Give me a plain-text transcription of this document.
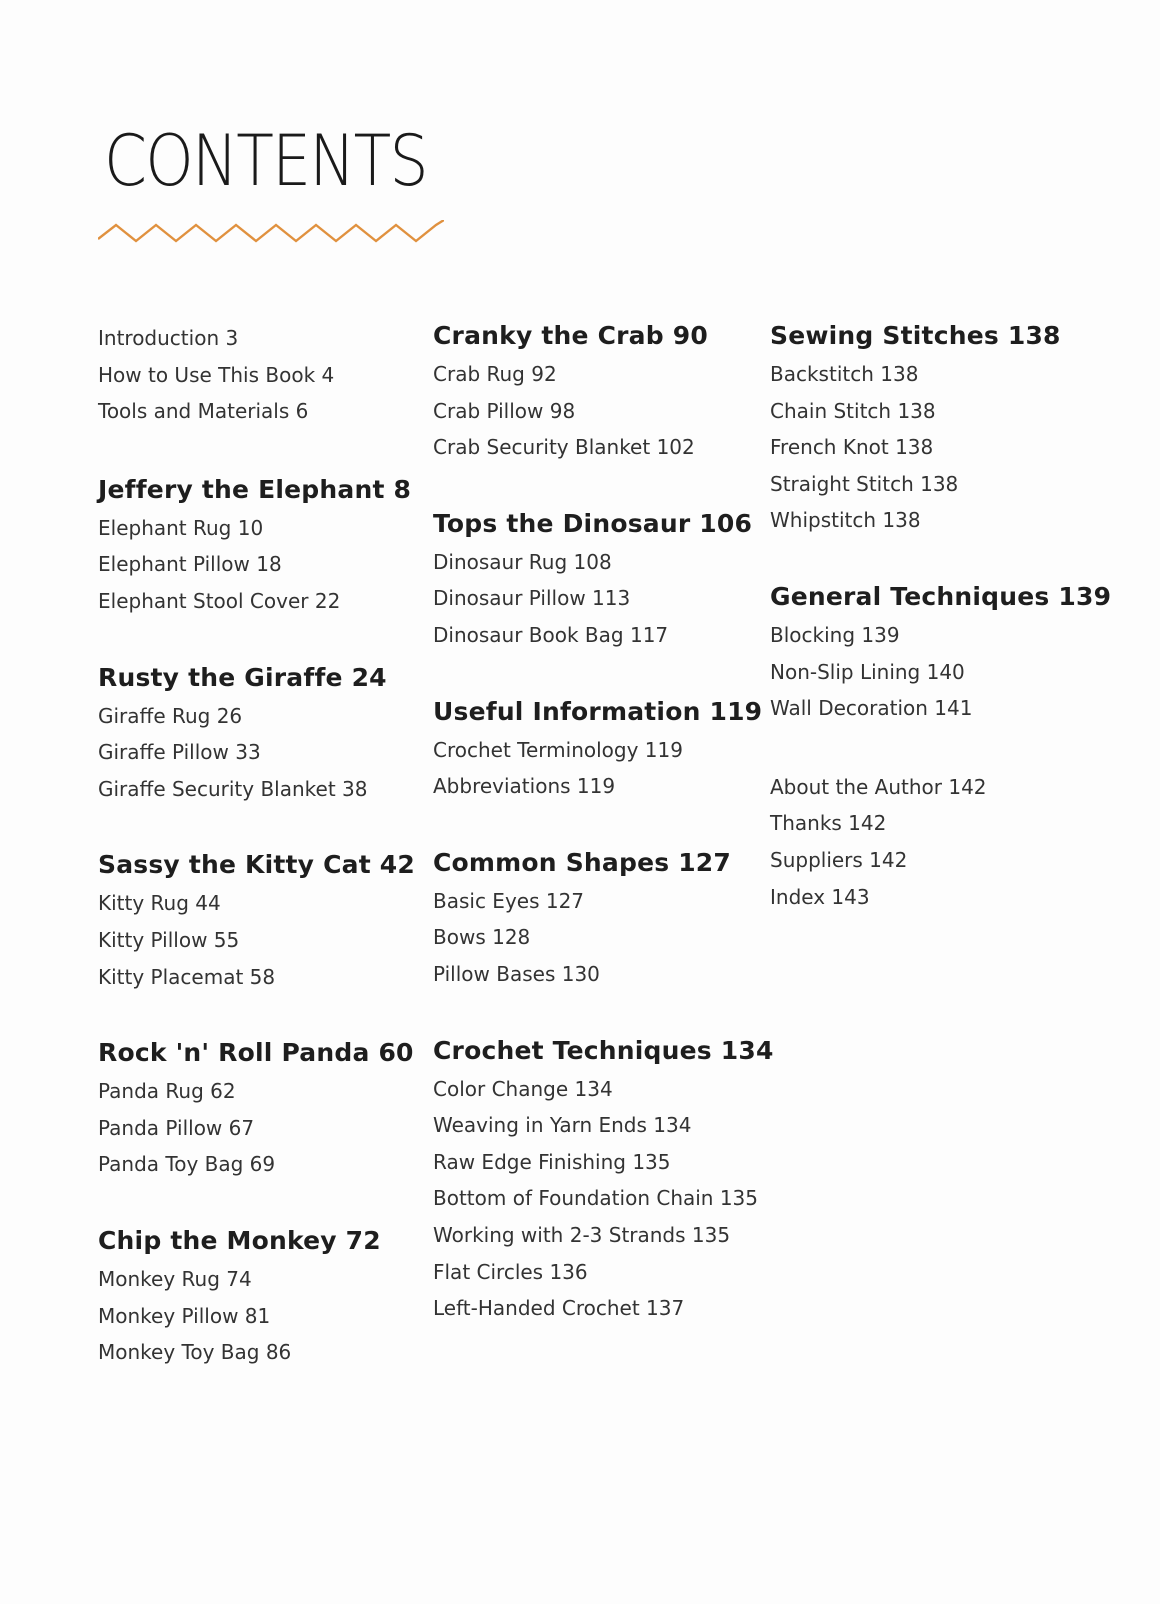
CONTENTS
Introduction 3
How to Use This Book 4
Tools and Materials 6
Jeffery the Elephant 8
Elephant Rug 10
Elephant Pillow 18
Elephant Stool Cover 22
Rusty the Giraffe 24
Giraffe Rug 26
Giraffe Pillow 33
Giraffe Security Blanket 38
Sassy the Kitty Cat 42
Kitty Rug 44
Kitty Pillow 55
Kitty Placemat 58
Rock 'n' Roll Panda 60
Panda Rug 62
Panda Pillow 67
Panda Toy Bag 69
Chip the Monkey 72
Monkey Rug 74
Monkey Pillow 81
Monkey Toy Bag 86
Cranky the Crab 90
Crab Rug 92
Crab Pillow 98
Crab Security Blanket 102
Tops the Dinosaur 106
Dinosaur Rug 108
Dinosaur Pillow 113
Dinosaur Book Bag 117
Useful Information 119
Crochet Terminology 119
Abbreviations 119
Common Shapes 127
Basic Eyes 127
Bows 128
Pillow Bases 130
Crochet Techniques 134
Color Change 134
Weaving in Yarn Ends 134
Raw Edge Finishing 135
Bottom of Foundation Chain 135
Working with 2-3 Strands 135
Flat Circles 136
Left-Handed Crochet 137
Sewing Stitches 138
Backstitch 138
Chain Stitch 138
French Knot 138
Straight Stitch 138
Whipstitch 138
General Techniques 139
Blocking 139
Non-Slip Lining 140
Wall Decoration 141
About the Author 142
Thanks 142
Suppliers 142
Index 143
